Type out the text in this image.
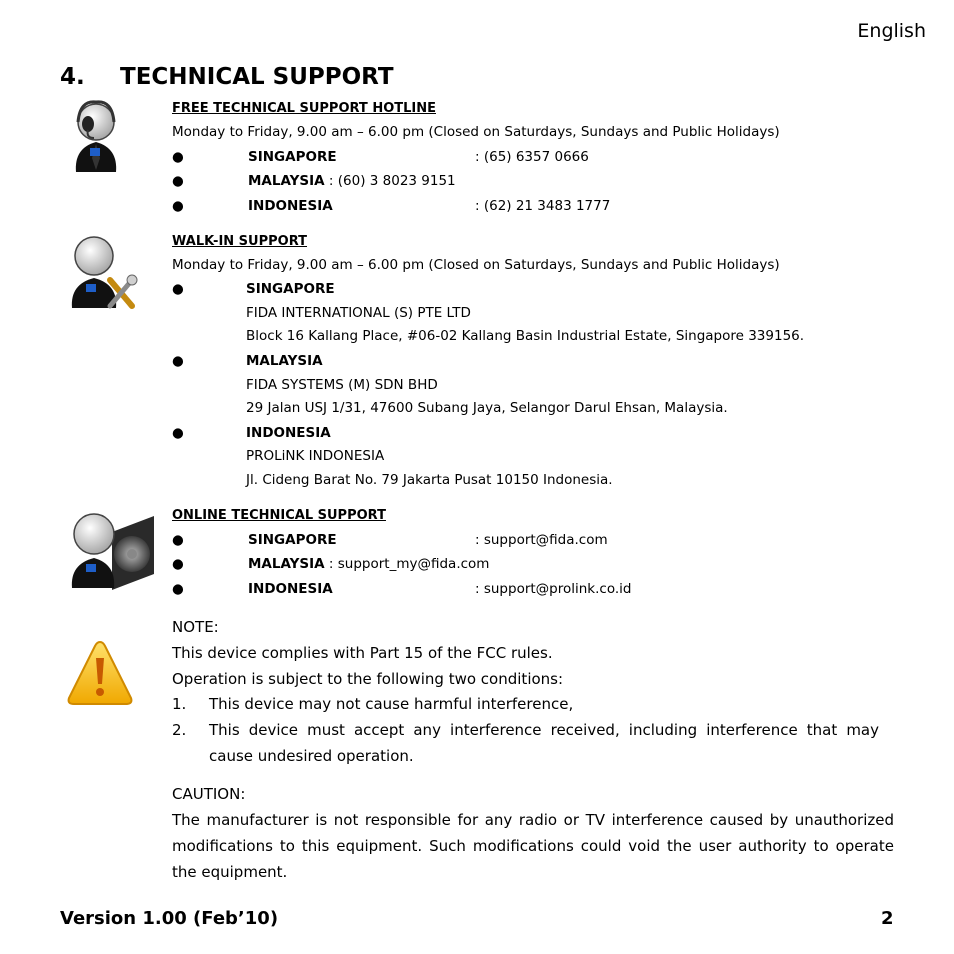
English
4. TECHNICAL SUPPORT
FREE TECHNICAL SUPPORT HOTLINE
Monday to Friday, 9.00 am – 6.00 pm (Closed on Saturdays, Sundays and Public Holidays)
●	SINGAPORE	: (65) 6357 0666
●	MALAYSIA : (60) 3 8023 9151
●	INDONESIA	: (62) 21 3483 1777
WALK-IN SUPPORT
Monday to Friday, 9.00 am – 6.00 pm (Closed on Saturdays, Sundays and Public Holidays)
●	SINGAPORE
FIDA INTERNATIONAL (S) PTE LTD
Block 16 Kallang Place, #06-02 Kallang Basin Industrial Estate, Singapore 339156.
●	MALAYSIA
FIDA SYSTEMS (M) SDN BHD
29 Jalan USJ 1/31, 47600 Subang Jaya, Selangor Darul Ehsan, Malaysia.
●	INDONESIA
PROLiNK INDONESIA
Jl. Cideng Barat No. 79 Jakarta Pusat 10150 Indonesia.
ONLINE TECHNICAL SUPPORT
●	SINGAPORE	: support@fida.com
●	MALAYSIA : support_my@fida.com
●	INDONESIA	: support@prolink.co.id
NOTE:
This device complies with Part 15 of the FCC rules.
Operation is subject to the following two conditions:
1. This device may not cause harmful interference,
2. This device must accept any interference received, including interference that may cause undesired operation.
CAUTION:
The manufacturer is not responsible for any radio or TV interference caused by unauthorized modifications to this equipment. Such modifications could void the user authority to operate the equipment.
Version 1.00 (Feb’10)	2
